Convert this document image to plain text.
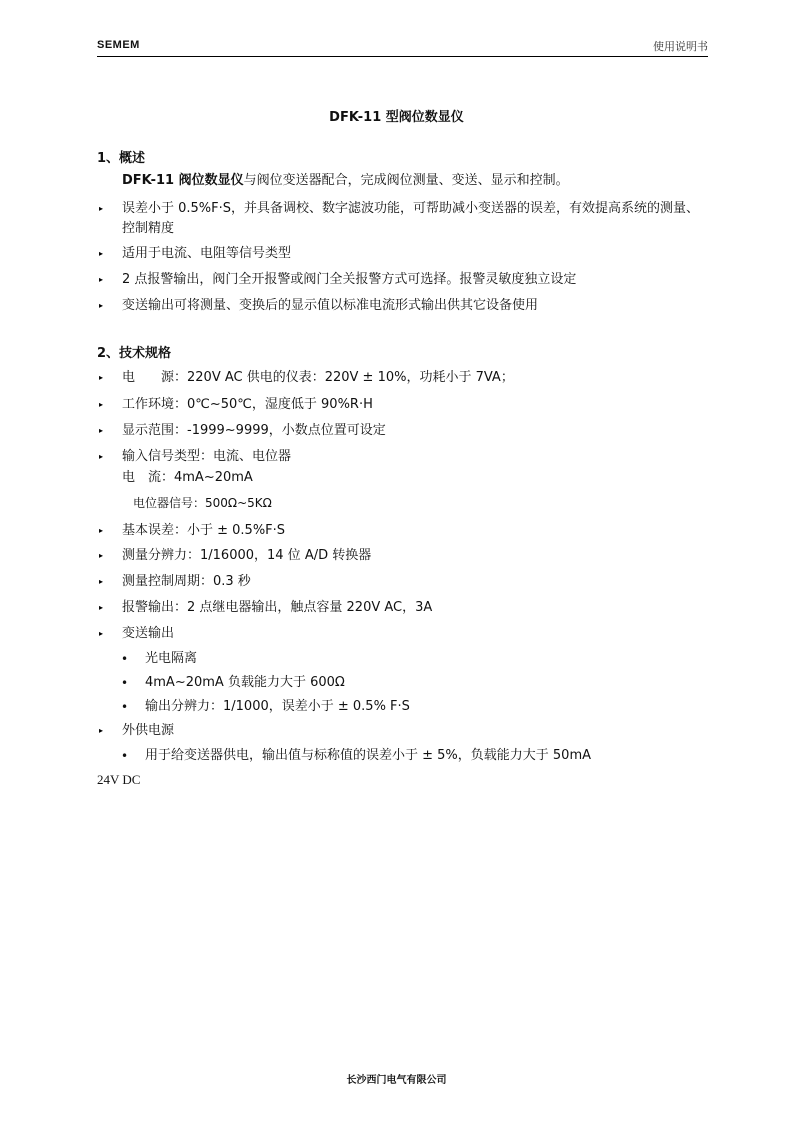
SEMEM	使用说明书
DFK-11 型阀位数显仪
1、概述
DFK-11 阀位数显仪与阀位变送器配合，完成阀位测量、变送、显示和控制。
▸ 误差小于 0.5%F·S，并具备调校、数字滤波功能，可帮助减小变送器的误差，有效提高系统的测量、控制精度
▸ 适用于电流、电阻等信号类型
▸ 2 点报警输出，阀门全开报警或阀门全关报警方式可选择。报警灵敏度独立设定
▸ 变送输出可将测量、变换后的显示值以标准电流形式输出供其它设备使用
2、技术规格
▸ 电　　源：220V AC 供电的仪表：220V ± 10%，功耗小于 7VA；
▸ 工作环境：0℃~50℃，湿度低于 90%R·H
▸ 显示范围：-1999~9999，小数点位置可设定
▸ 输入信号类型：电流、电位器
电　流：4mA~20mA
电位器信号：500Ω~5KΩ
▸ 基本误差：小于 ± 0.5%F·S
▸ 测量分辨力：1/16000，14 位 A/D 转换器
▸ 测量控制周期：0.3 秒
▸ 报警输出：2 点继电器输出，触点容量 220V AC，3A
▸ 变送输出
• 光电隔离
• 4mA~20mA 负载能力大于 600Ω
• 输出分辨力：1/1000，误差小于 ± 0.5% F·S
▸ 外供电源
• 用于给变送器供电，输出值与标称值的误差小于 ± 5%，负载能力大于 50mA
24V DC
长沙西门电气有限公司
